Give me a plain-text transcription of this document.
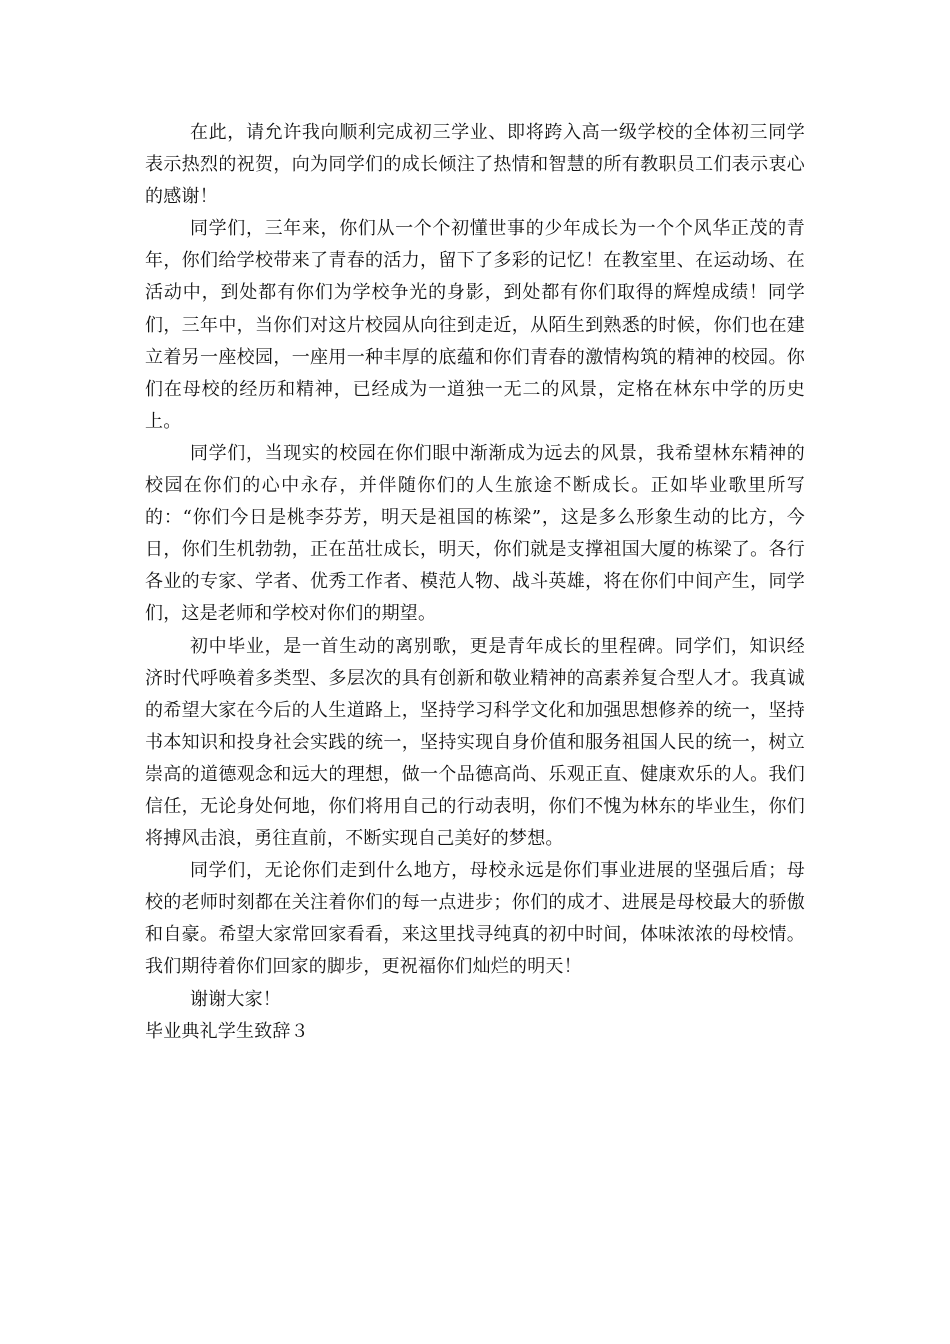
在此，请允许我向顺利完成初三学业、即将跨入高一级学校的全体初三同学表示热烈的祝贺，向为同学们的成长倾注了热情和智慧的所有教职员工们表示衷心的感谢！

同学们，三年来，你们从一个个初懂世事的少年成长为一个个风华正茂的青年，你们给学校带来了青春的活力，留下了多彩的记忆！在教室里、在运动场、在活动中，到处都有你们为学校争光的身影，到处都有你们取得的辉煌成绩！同学们，三年中，当你们对这片校园从向往到走近，从陌生到熟悉的时候，你们也在建立着另一座校园，一座用一种丰厚的底蕴和你们青春的激情构筑的精神的校园。你们在母校的经历和精神，已经成为一道独一无二的风景，定格在林东中学的历史上。

同学们，当现实的校园在你们眼中渐渐成为远去的风景，我希望林东精神的校园在你们的心中永存，并伴随你们的人生旅途不断成长。正如毕业歌里所写的：“你们今日是桃李芬芳，明天是祖国的栋梁”，这是多么形象生动的比方，今日，你们生机勃勃，正在茁壮成长，明天，你们就是支撑祖国大厦的栋梁了。各行各业的专家、学者、优秀工作者、模范人物、战斗英雄，将在你们中间产生，同学们，这是老师和学校对你们的期望。

初中毕业，是一首生动的离别歌，更是青年成长的里程碑。同学们，知识经济时代呼唤着多类型、多层次的具有创新和敬业精神的高素养复合型人才。我真诚的希望大家在今后的人生道路上，坚持学习科学文化和加强思想修养的统一，坚持书本知识和投身社会实践的统一，坚持实现自身价值和服务祖国人民的统一，树立崇高的道德观念和远大的理想，做一个品德高尚、乐观正直、健康欢乐的人。我们信任，无论身处何地，你们将用自己的行动表明，你们不愧为林东的毕业生，你们将搏风击浪，勇往直前，不断实现自己美好的梦想。

同学们，无论你们走到什么地方，母校永远是你们事业进展的坚强后盾；母校的老师时刻都在关注着你们的每一点进步；你们的成才、进展是母校最大的骄傲和自豪。希望大家常回家看看，来这里找寻纯真的初中时间，体味浓浓的母校情。我们期待着你们回家的脚步，更祝福你们灿烂的明天！

谢谢大家！

毕业典礼学生致辞３
